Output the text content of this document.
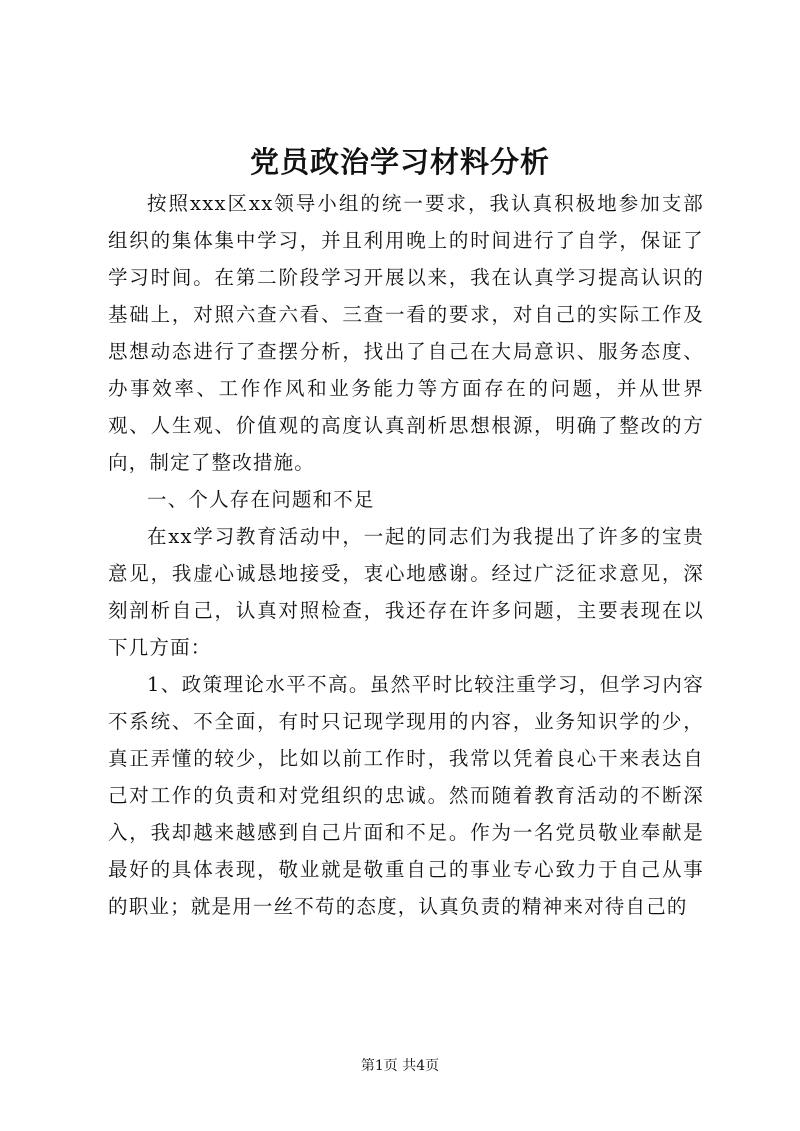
党员政治学习材料分析

按照xxx区xx领导小组的统一要求，我认真积极地参加支部组织的集体集中学习，并且利用晚上的时间进行了自学，保证了学习时间。在第二阶段学习开展以来，我在认真学习提高认识的基础上，对照六查六看、三查一看的要求，对自己的实际工作及思想动态进行了查摆分析，找出了自己在大局意识、服务态度、办事效率、工作作风和业务能力等方面存在的问题，并从世界观、人生观、价值观的高度认真剖析思想根源，明确了整改的方向，制定了整改措施。

一、个人存在问题和不足

在xx学习教育活动中，一起的同志们为我提出了许多的宝贵意见，我虚心诚恳地接受，衷心地感谢。经过广泛征求意见，深刻剖析自己，认真对照检查，我还存在许多问题，主要表现在以下几方面：

1、政策理论水平不高。虽然平时比较注重学习，但学习内容不系统、不全面，有时只记现学现用的内容，业务知识学的少，真正弄懂的较少，比如以前工作时，我常以凭着良心干来表达自己对工作的负责和对党组织的忠诚。然而随着教育活动的不断深入，我却越来越感到自己片面和不足。作为一名党员敬业奉献是最好的具体表现，敬业就是敬重自己的事业专心致力于自己从事的职业；就是用一丝不苟的态度，认真负责的精神来对待自己的

第1页 共4页
